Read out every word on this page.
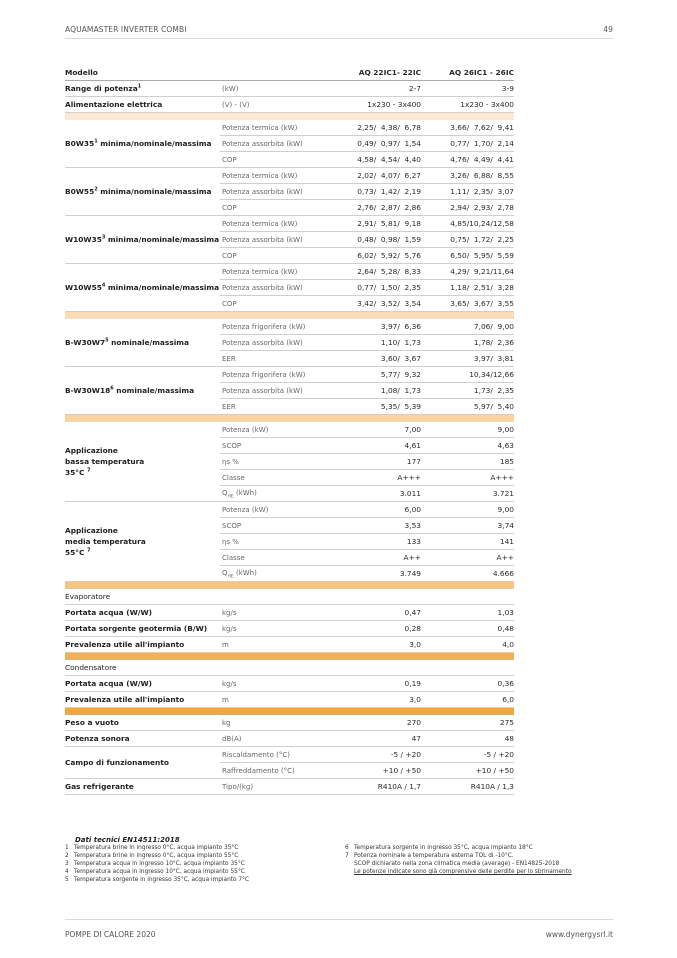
AQUAMASTER INVERTER COMBI	49
Modello		AQ 22IC1- 22IC	AQ 26IC1 - 26IC
Range di potenza$^1$	(kW)	2-7	3-9
Alimentazione elettrica	(V) - (V)	1x230 - 3x400	1x230 - 3x400

$B0W35^1$ minima/nominale/massima	Potenza termica (kW)	2,25/  4,38/  6,78	3,66/  7,62/  9,41
	Potenza assorbita (kW)	0,49/  0,97/  1,54	0,77/  1,70/  2,14
	COP	4,58/  4,54/  4,40	4,76/  4,49/  4,41
$B0W55^2$ minima/nominale/massima	Potenza termica (kW)	2,02/  4,07/  6,27	3,26/  6,88/  8,55
	Potenza assorbita (kW)	0,73/  1,42/  2,19	1,11/  2,35/  3,07
	COP	2,76/  2,87/  2,86	2,94/  2,93/  2,78
$W10W35^3$ minima/nominale/massima	Potenza termica (kW)	2,91/  5,81/  9,18	4,85/10,24/12,58
	Potenza assorbita (kW)	0,48/  0,98/  1,59	0,75/  1,72/  2,25
	COP	6,02/  5,92/  5,76	6,50/  5,95/  5,59
$W10W55^4$ minima/nominale/massima	Potenza termica (kW)	2,64/  5,28/  8,33	4,29/  9,21/11,64
	Potenza assorbita (kW)	0,77/  1,50/  2,35	1,18/  2,51/  3,28
	COP	3,42/  3,52/  3,54	3,65/  3,67/  3,55

$B-W30W7^5$ nominale/massima	Potenza frigorifera (kW)	3,97/  6,36	7,06/  9,00
	Potenza assorbita (kW)	1,10/  1,73	1,78/  2,36
	EER	3,60/  3,67	3,97/  3,81
$B-W30W18^6$ nominale/massima	Potenza frigorifera (kW)	5,77/  9,32	10,34/12,66
	Potenza assorbita (kW)	1,08/  1,73	1,73/  2,35
	EER	5,35/  5,39	5,97/  5,40

Applicazione
bassa temperatura
35°C $^7$	Potenza (kW)	7,00	9,00
	SCOP	4,61	4,63
	ηs %	177	185
	Classe	A+++	A+++
	$Q_{HE}$ (kWh)	3.011	3.721
Applicazione
media temperatura
55°C $^7$	Potenza (kW)	6,00	9,00
	SCOP	3,53	3,74
	ηs %	133	141
	Classe	A++	A++
	$Q_{HE}$ (kWh)	3.749	4.666

Evaporatore			
Portata acqua (W/W)	kg/s	0,47	1,03
Portata sorgente geotermia (B/W)	kg/s	0,28	0,48
Prevalenza utile all'impianto	m	3,0	4,0

Condensatore			
Portata acqua (W/W)	kg/s	0,19	0,36
Prevalenza utile all'impianto	m	3,0	6,0

Peso a vuoto	kg	270	275
Potenza sonora	dB(A)	47	48
Campo di funzionamento	Riscaldamento (°C)	-5 / +20	-5 / +20
	Raffreddamento (°C)	+10 / +50	+10 / +50
Gas refrigerante	Tipo/(kg)	R410A / 1,7	R410A / 1,3
Dati tecnici EN14511:2018
1 Temperatura brine in ingresso 0°C, acqua impianto 35°C
2 Temperatura brine in ingresso 0°C, acqua impianto 55°C
3 Temperatura acqua in ingresso 10°C, acqua impianto 35°C
4 Temperatura acqua in ingresso 10°C, acqua impianto 55°C
5 Temperatura sorgente in ingresso 35°C, acqua impianto 7°C
6 Temperatura sorgente in ingresso 35°C, acqua impianto 18°C
7 Potenza nominale a temperatura esterna TOL di -10°C.
SCOP dichiarato nella zona climatica media (average) - EN14825-2018
Le potenze indicate sono già comprensive delle perdite per lo sbrinamento
POMPE DI CALORE 2020	www.dynergysrl.it
